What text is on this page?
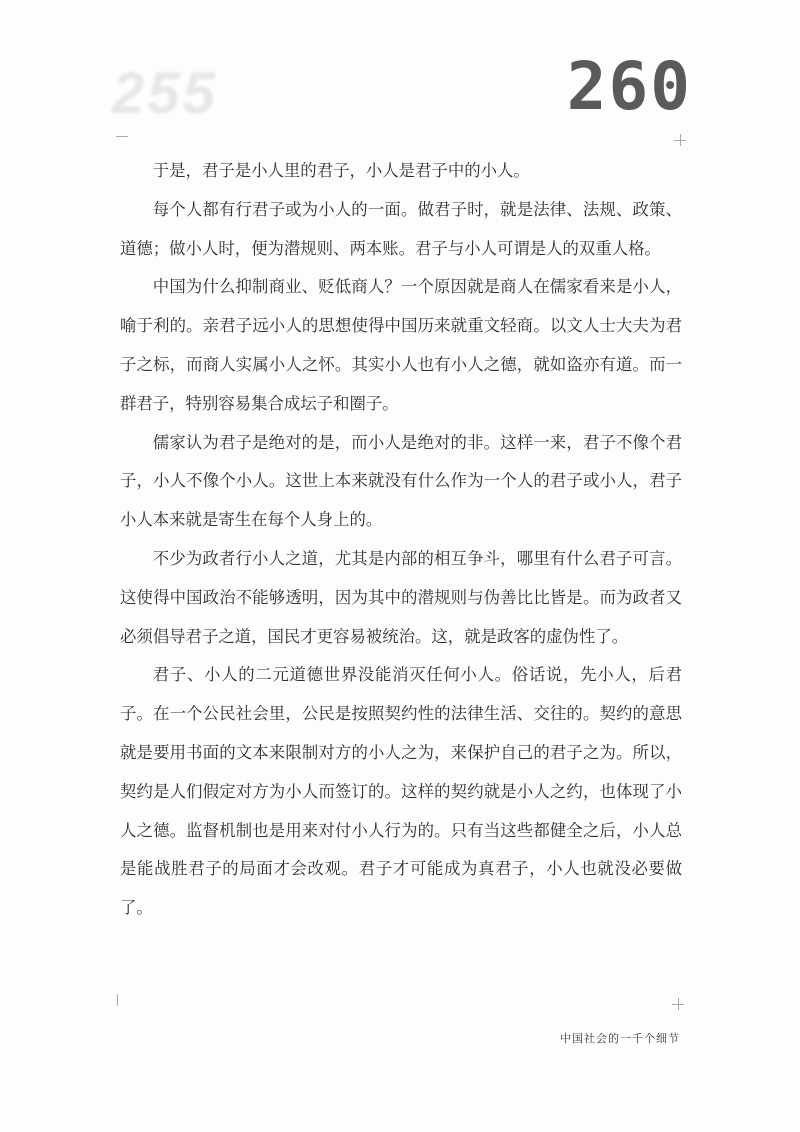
255	260

于是，君子是小人里的君子，小人是君子中的小人。

每个人都有行君子或为小人的一面。做君子时，就是法律、法规、政策、道德；做小人时，便为潜规则、两本账。君子与小人可谓是人的双重人格。

中国为什么抑制商业、贬低商人？一个原因就是商人在儒家看来是小人，喻于利的。亲君子远小人的思想使得中国历来就重文轻商。以文人士大夫为君子之标，而商人实属小人之怀。其实小人也有小人之德，就如盗亦有道。而一群君子，特别容易集合成坛子和圈子。

儒家认为君子是绝对的是，而小人是绝对的非。这样一来，君子不像个君子，小人不像个小人。这世上本来就没有什么作为一个人的君子或小人，君子小人本来就是寄生在每个人身上的。

不少为政者行小人之道，尤其是内部的相互争斗，哪里有什么君子可言。这使得中国政治不能够透明，因为其中的潜规则与伪善比比皆是。而为政者又必须倡导君子之道，国民才更容易被统治。这，就是政客的虚伪性了。

君子、小人的二元道德世界没能消灭任何小人。俗话说，先小人，后君子。在一个公民社会里，公民是按照契约性的法律生活、交往的。契约的意思就是要用书面的文本来限制对方的小人之为，来保护自己的君子之为。所以，契约是人们假定对方为小人而签订的。这样的契约就是小人之约，也体现了小人之德。监督机制也是用来对付小人行为的。只有当这些都健全之后，小人总是能战胜君子的局面才会改观。君子才可能成为真君子，小人也就没必要做了。

中国社会的一千个细节
